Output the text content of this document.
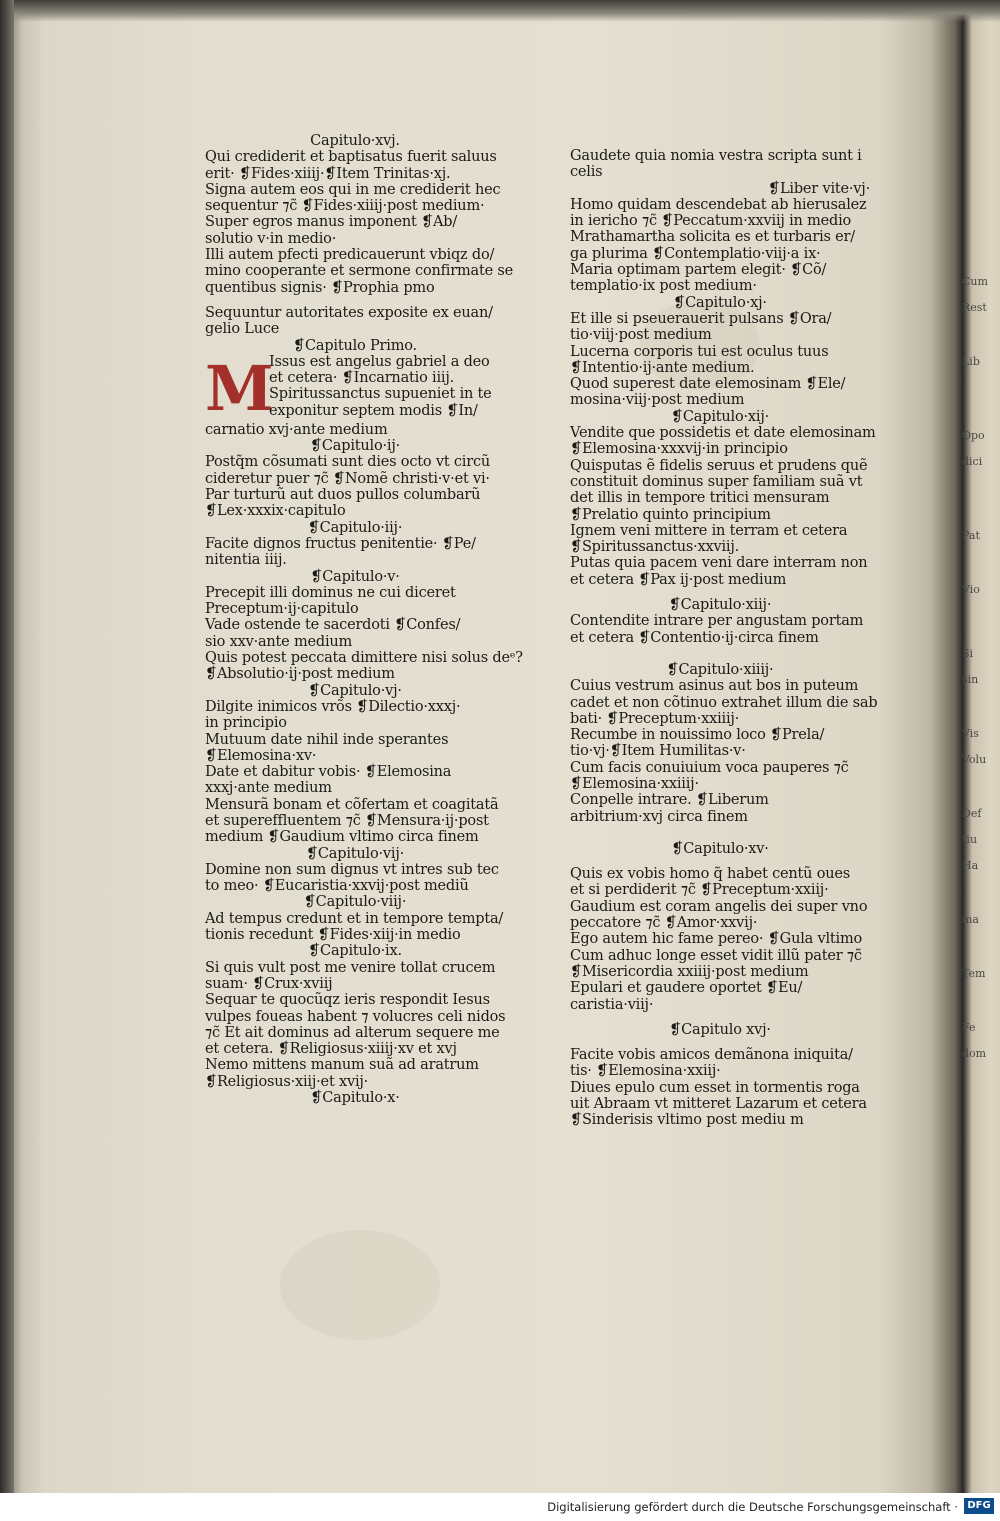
Capitulo·xvj.
Qui crediderit et baptisatus fuerit saluus
erit· ❡Fides·xiiij·❡Item Trinitas·xj.
Signa autem eos qui in me crediderit hec
sequentur ⁊c̃ ❡Fides·xiiij·post medium·
Super egros manus imponent ❡Ab/
solutio v·in medio·
Illi autem pfecti predicauerunt vbiqz do/
mino cooperante et sermone confirmate se
quentibus signis· ❡Prophia pmo
Sequuntur autoritates exposite ex euan/
gelio Luce
❡Capitulo Primo.
M
Issus est angelus gabriel a deo
et cetera· ❡Incarnatio iiij.
Spiritussanctus supueniet in te
exponitur septem modis ❡In/
carnatio xvj·ante medium
❡Capitulo·ij·
Postq̃m cõsumati sunt dies octo vt circũ
cideretur puer ⁊c̃ ❡Nomẽ christi·v·et vi·
Par turturũ aut duos pullos columbarũ
❡Lex·xxxix·capitulo
❡Capitulo·iij·
Facite dignos fructus penitentie· ❡Pe/
nitentia iiij.
❡Capitulo·v·
Precepit illi dominus ne cui diceret
Preceptum·ij·capitulo
Vade ostende te sacerdoti ❡Confes/
sio xxv·ante medium
Quis potest peccata dimittere nisi solus deᵉ?
❡Absolutio·ij·post medium
❡Capitulo·vj·
Dilgite inimicos vrõs ❡Dilectio·xxxj·
in principio
Mutuum date nihil inde sperantes
❡Elemosina·xv·
Date et dabitur vobis· ❡Elemosina
xxxj·ante medium
Mensurã bonam et cõfertam et coagitatã
et supereffluentem ⁊c̃ ❡Mensura·ij·post
medium ❡Gaudium vltimo circa finem
❡Capitulo·vij·
Domine non sum dignus vt intres sub tec
to meo· ❡Eucaristia·xxvij·post mediũ
❡Capitulo·viij·
Ad tempus credunt et in tempore tempta/
tionis recedunt ❡Fides·xiij·in medio
❡Capitulo·ix.
Si quis vult post me venire tollat crucem
suam· ❡Crux·xviij
Sequar te quocũqz ieris respondit Iesus
vulpes foueas habent ⁊ volucres celi nidos
⁊c̃ Et ait dominus ad alterum sequere me
et cetera. ❡Religiosus·xiiij·xv et xvj
Nemo mittens manum suã ad aratrum
❡Religiosus·xiij·et xvij·
❡Capitulo·x·
Gaudete quia nomia vestra scripta sunt i
celis
❡Liber vite·vj·
Homo quidam descendebat ab hierusalez
in iericho ⁊c̃ ❡Peccatum·xxviij in medio
Mrathamartha solicita es et turbaris er/
ga plurima ❡Contemplatio·viij·a ix·
Maria optimam partem elegit· ❡Cõ/
templatio·ix post medium·
❡Capitulo·xj·
Et ille si pseuerauerit pulsans ❡Ora/
tio·viij·post medium
Lucerna corporis tui est oculus tuus
❡Intentio·ij·ante medium.
Quod superest date elemosinam ❡Ele/
mosina·viij·post medium
❡Capitulo·xij·
Vendite que possidetis et date elemosinam
❡Elemosina·xxxvij·in principio
Quisputas ẽ fidelis seruus et prudens quẽ
constituit dominus super familiam suã vt
det illis in tempore tritici mensuram
❡Prelatio quinto principium
Ignem veni mittere in terram et cetera
❡Spiritussanctus·xxviij.
Putas quia pacem veni dare interram non
et cetera ❡Pax ij·post medium
❡Capitulo·xiij·
Contendite intrare per angustam portam
et cetera ❡Contentio·ij·circa finem
❡Capitulo·xiiij·
Cuius vestrum asinus aut bos in puteum
cadet et non cõtinuo extrahet illum die sab
bati· ❡Preceptum·xxiiij·
Recumbe in nouissimo loco ❡Prela/
tio·vj·❡Item Humilitas·v·
Cum facis conuiuium voca pauperes ⁊c̃
❡Elemosina·xxiiij·
Conpelle intrare. ❡Liberum
arbitrium·xvj circa finem
❡Capitulo·xv·
Quis ex vobis homo q̃ habet centũ oues
et si perdiderit ⁊c̃ ❡Preceptum·xxiij·
Gaudium est coram angelis dei super vno
peccatore ⁊c̃ ❡Amor·xxvij·
Ego autem hic fame pereo· ❡Gula vltimo
Cum adhuc longe esset vidit illũ pater ⁊c̃
❡Misericordia xxiiij·post medium
Epulari et gaudere oportet ❡Eu/
caristia·viij·
❡Capitulo xvj·
Facite vobis amicos demãnona iniquita/
tis· ❡Elemosina·xxiij·
Diues epulo cum esset in tormentis roga
uit Abraam vt mitteret Lazarum et cetera
❡Sinderisis vltimo post mediu m
Cum
Rest
Lib
Opo
dici
Pat
Vio
Si
sin
Vis
Volu
Def
tiu
Ha
ma
Tem
Fe
dom
Digitalisierung gefördert durch die Deutsche Forschungsgemeinschaft · DFG
